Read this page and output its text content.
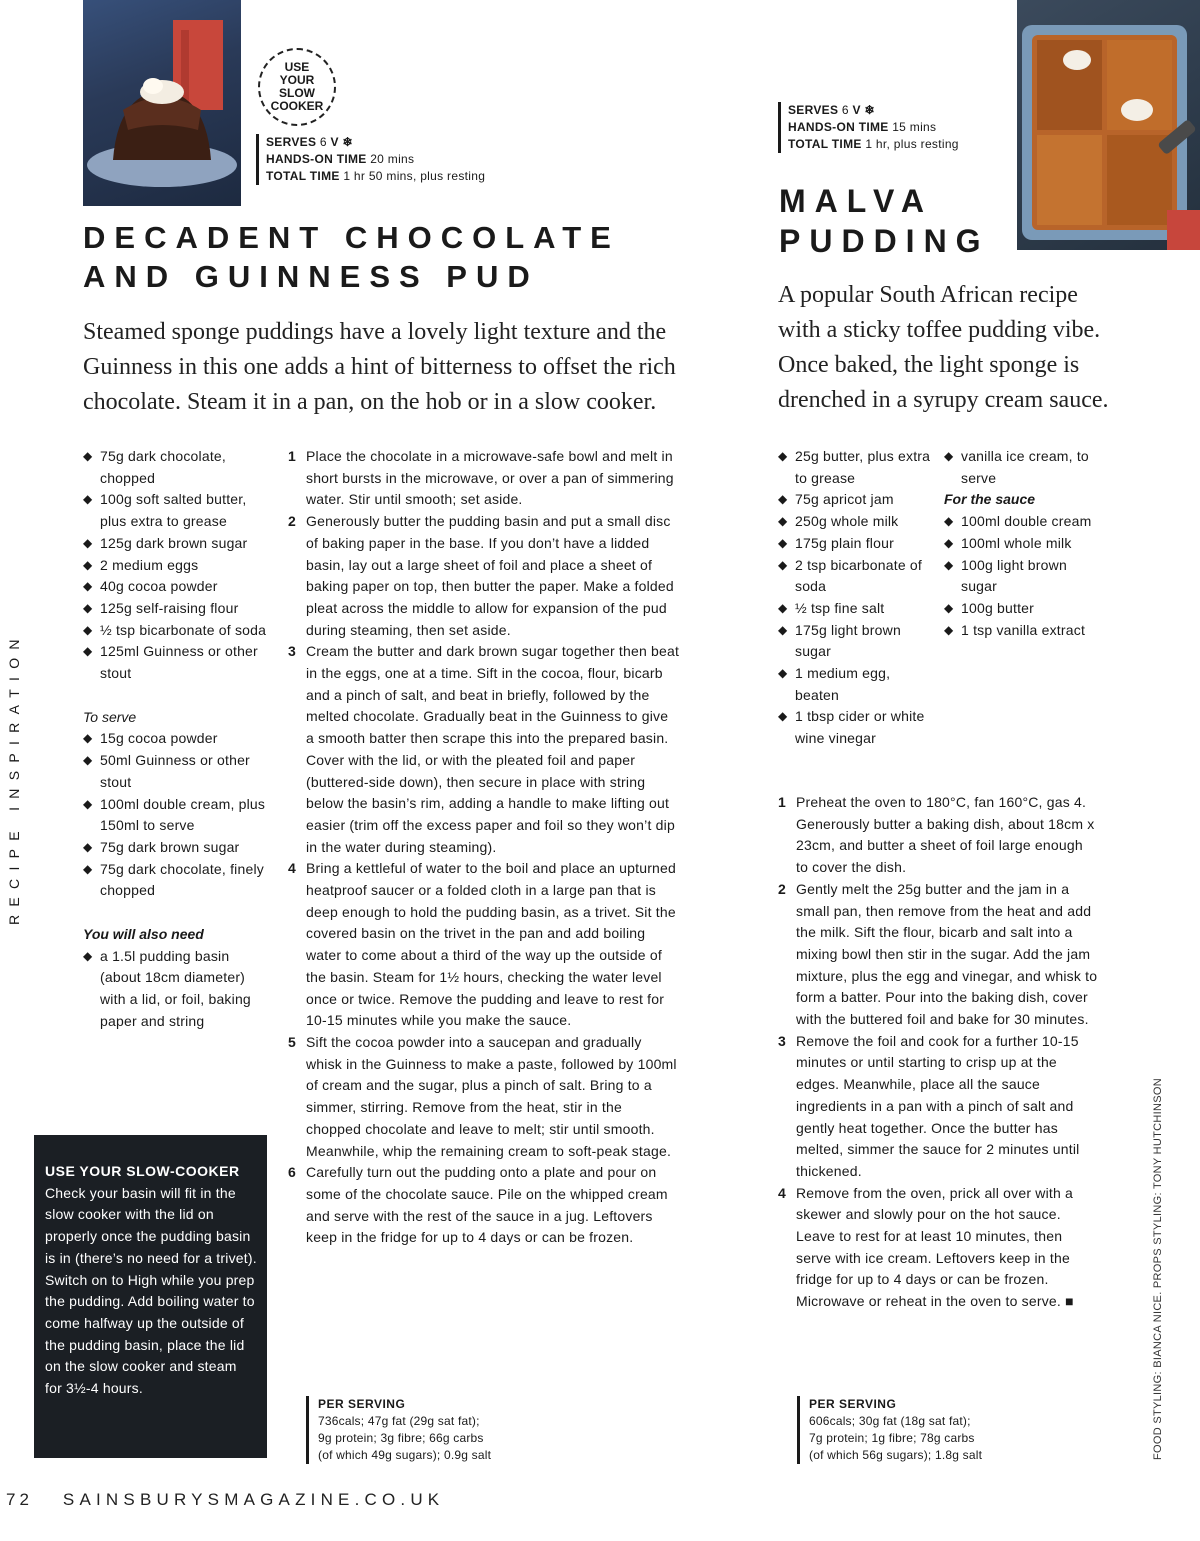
USE
YOUR
SLOW
COOKER
SERVES 6 V ❄
HANDS-ON TIME 20 mins
TOTAL TIME 1 hr 50 mins, plus resting
DECADENT CHOCOLATE
AND GUINNESS PUD
Steamed sponge puddings have a lovely light texture and the Guinness in this one adds a hint of bitterness to offset the rich chocolate. Steam it in a pan, on the hob or in a slow cooker.
◆ 75g dark chocolate, chopped
◆ 100g soft salted butter, plus extra to grease
◆ 125g dark brown sugar
◆ 2 medium eggs
◆ 40g cocoa powder
◆ 125g self-raising flour
◆ ½ tsp bicarbonate of soda
◆ 125ml Guinness or other stout
To serve
◆ 15g cocoa powder
◆ 50ml Guinness or other stout
◆ 100ml double cream, plus 150ml to serve
◆ 75g dark brown sugar
◆ 75g dark chocolate, finely chopped
You will also need
◆ a 1.5l pudding basin (about 18cm diameter) with a lid, or foil, baking paper and string
1 Place the chocolate in a microwave-safe bowl and melt in short bursts in the microwave, or over a pan of simmering water. Stir until smooth; set aside.
2 Generously butter the pudding basin and put a small disc of baking paper in the base. If you don’t have a lidded basin, lay out a large sheet of foil and place a sheet of baking paper on top, then butter the paper. Make a folded pleat across the middle to allow for expansion of the pud during steaming, then set aside.
3 Cream the butter and dark brown sugar together then beat in the eggs, one at a time. Sift in the cocoa, flour, bicarb and a pinch of salt, and beat in briefly, followed by the melted chocolate. Gradually beat in the Guinness to give a smooth batter then scrape this into the prepared basin. Cover with the lid, or with the pleated foil and paper (buttered-side down), then secure in place with string below the basin’s rim, adding a handle to make lifting out easier (trim off the excess paper and foil so they won’t dip in the water during steaming).
4 Bring a kettleful of water to the boil and place an upturned heatproof saucer or a folded cloth in a large pan that is deep enough to hold the pudding basin, as a trivet. Sit the covered basin on the trivet in the pan and add boiling water to come about a third of the way up the outside of the basin. Steam for 1½ hours, checking the water level once or twice. Remove the pudding and leave to rest for 10-15 minutes while you make the sauce.
5 Sift the cocoa powder into a saucepan and gradually whisk in the Guinness to make a paste, followed by 100ml of cream and the sugar, plus a pinch of salt. Bring to a simmer, stirring. Remove from the heat, stir in the chopped chocolate and leave to melt; stir until smooth. Meanwhile, whip the remaining cream to soft-peak stage.
6 Carefully turn out the pudding onto a plate and pour on some of the chocolate sauce. Pile on the whipped cream and serve with the rest of the sauce in a jug. Leftovers keep in the fridge for up to 4 days or can be frozen.
USE YOUR SLOW-COOKER
Check your basin will fit in the slow cooker with the lid on properly once the pudding basin is in (there’s no need for a trivet). Switch on to High while you prep the pudding. Add boiling water to come halfway up the outside of the pudding basin, place the lid on the slow cooker and steam for 3½-4 hours.
PER SERVING
736cals; 47g fat (29g sat fat);
9g protein; 3g fibre; 66g carbs
(of which 49g sugars); 0.9g salt
SERVES 6 V ❄
HANDS-ON TIME 15 mins
TOTAL TIME 1 hr, plus resting
MALVA
PUDDING
A popular South African recipe with a sticky toffee pudding vibe. Once baked, the light sponge is drenched in a syrupy cream sauce.
◆ 25g butter, plus extra to grease
◆ 75g apricot jam
◆ 250g whole milk
◆ 175g plain flour
◆ 2 tsp bicarbonate of soda
◆ ½ tsp fine salt
◆ 175g light brown sugar
◆ 1 medium egg, beaten
◆ 1 tbsp cider or white wine vinegar
◆ vanilla ice cream, to serve
For the sauce
◆ 100ml double cream
◆ 100ml whole milk
◆ 100g light brown sugar
◆ 100g butter
◆ 1 tsp vanilla extract
1 Preheat the oven to 180°C, fan 160°C, gas 4. Generously butter a baking dish, about 18cm x 23cm, and butter a sheet of foil large enough to cover the dish.
2 Gently melt the 25g butter and the jam in a small pan, then remove from the heat and add the milk. Sift the flour, bicarb and salt into a mixing bowl then stir in the sugar. Add the jam mixture, plus the egg and vinegar, and whisk to form a batter. Pour into the baking dish, cover with the buttered foil and bake for 30 minutes.
3 Remove the foil and cook for a further 10-15 minutes or until starting to crisp up at the edges. Meanwhile, place all the sauce ingredients in a pan with a pinch of salt and gently heat together. Once the butter has melted, simmer the sauce for 2 minutes until thickened.
4 Remove from the oven, prick all over with a skewer and slowly pour on the hot sauce. Leave to rest for at least 10 minutes, then serve with ice cream. Leftovers keep in the fridge for up to 4 days or can be frozen. Microwave or reheat in the oven to serve. ■
PER SERVING
606cals; 30g fat (18g sat fat);
7g protein; 1g fibre; 78g carbs
(of which 56g sugars); 1.8g salt
RECIPE INSPIRATION
FOOD STYLING: BIANCA NICE. PROPS STYLING: TONY HUTCHINSON
72 SAINSBURYSMAGAZINE.CO.UK
